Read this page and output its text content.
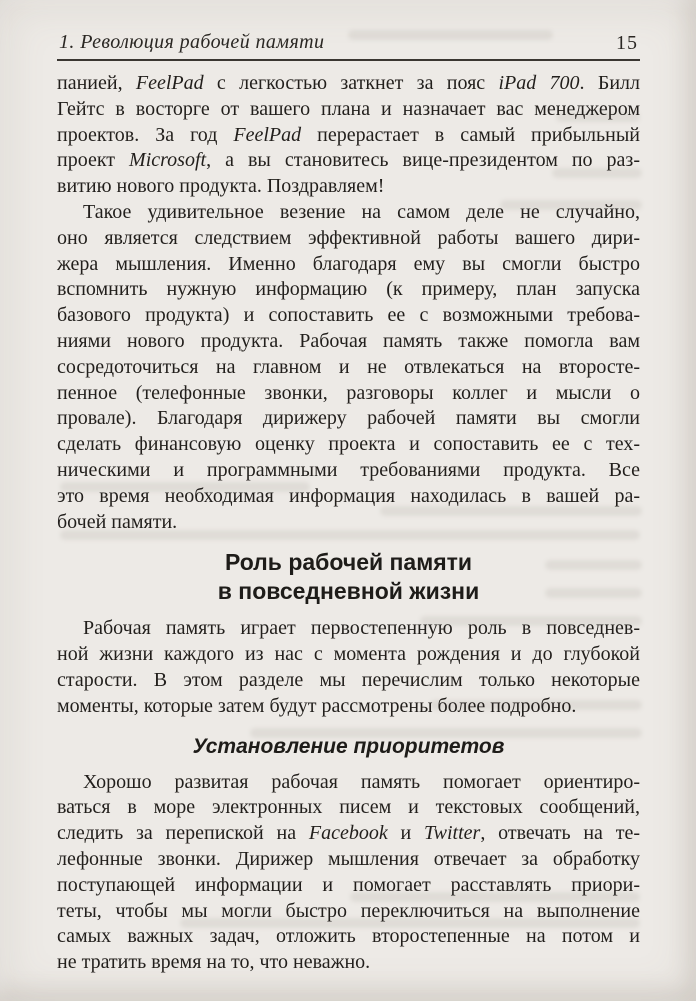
1. Революция рабочей памяти	15
панией, FeelPad с легкостью заткнет за пояс iPad 700. Билл
Гейтс в восторге от вашего плана и назначает вас менеджером
проектов. За год FeelPad перерастает в самый прибыльный
проект Microsoft, а вы становитесь вице-президентом по раз-
витию нового продукта. Поздравляем!
Такое удивительное везение на самом деле не случайно,
оно является следствием эффективной работы вашего дири-
жера мышления. Именно благодаря ему вы смогли быстро
вспомнить нужную информацию (к примеру, план запуска
базового продукта) и сопоставить ее с возможными требова-
ниями нового продукта. Рабочая память также помогла вам
сосредоточиться на главном и не отвлекаться на второсте-
пенное (телефонные звонки, разговоры коллег и мысли о
провале). Благодаря дирижеру рабочей памяти вы смогли
сделать финансовую оценку проекта и сопоставить ее с тех-
ническими и программными требованиями продукта. Все
это время необходимая информация находилась в вашей ра-
бочей памяти.
Роль рабочей памяти
в повседневной жизни
Рабочая память играет первостепенную роль в повседнев-
ной жизни каждого из нас с момента рождения и до глубокой
старости. В этом разделе мы перечислим только некоторые
моменты, которые затем будут рассмотрены более подробно.
Установление приоритетов
Хорошо развитая рабочая память помогает ориентиро-
ваться в море электронных писем и текстовых сообщений,
следить за перепиской на Facebook и Twitter, отвечать на те-
лефонные звонки. Дирижер мышления отвечает за обработку
поступающей информации и помогает расставлять приори-
теты, чтобы мы могли быстро переключиться на выполнение
самых важных задач, отложить второстепенные на потом и
не тратить время на то, что неважно.
